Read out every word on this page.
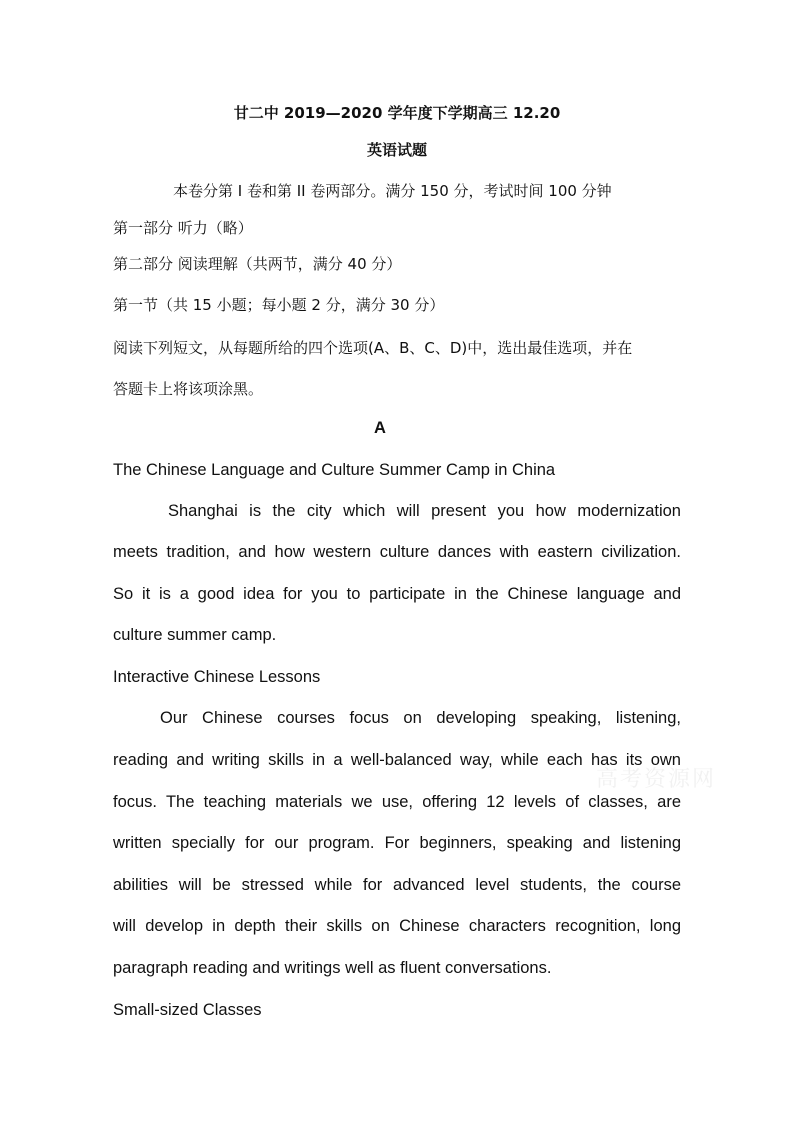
甘二中 2019—2020 学年度下学期高三 12.20
英语试题
本卷分第 I 卷和第 II 卷两部分。满分 150 分，考试时间 100 分钟
第一部分 听力（略）
第二部分 阅读理解（共两节，满分 40 分）
第一节（共 15 小题；每小题 2 分，满分 30 分）
阅读下列短文，从每题所给的四个选项(A、B、C、D)中，选出最佳选项，并在
答题卡上将该项涂黑。
A
The Chinese Language and Culture Summer Camp in China
Shanghai is the city which will present you how modernization
meets tradition, and how western culture dances with eastern civilization.
So it is a good idea for you to participate in the Chinese language and
culture summer camp.
Interactive Chinese Lessons
Our Chinese courses focus on developing speaking, listening,
reading and writing skills in a well-balanced way, while each has its own
focus. The teaching materials we use, offering 12 levels of classes, are
written specially for our program. For beginners, speaking and listening
abilities will be stressed while for advanced level students, the course
will develop in depth their skills on Chinese characters recognition, long
paragraph reading and writings well as fluent conversations.
Small-sized Classes
高考资源网
